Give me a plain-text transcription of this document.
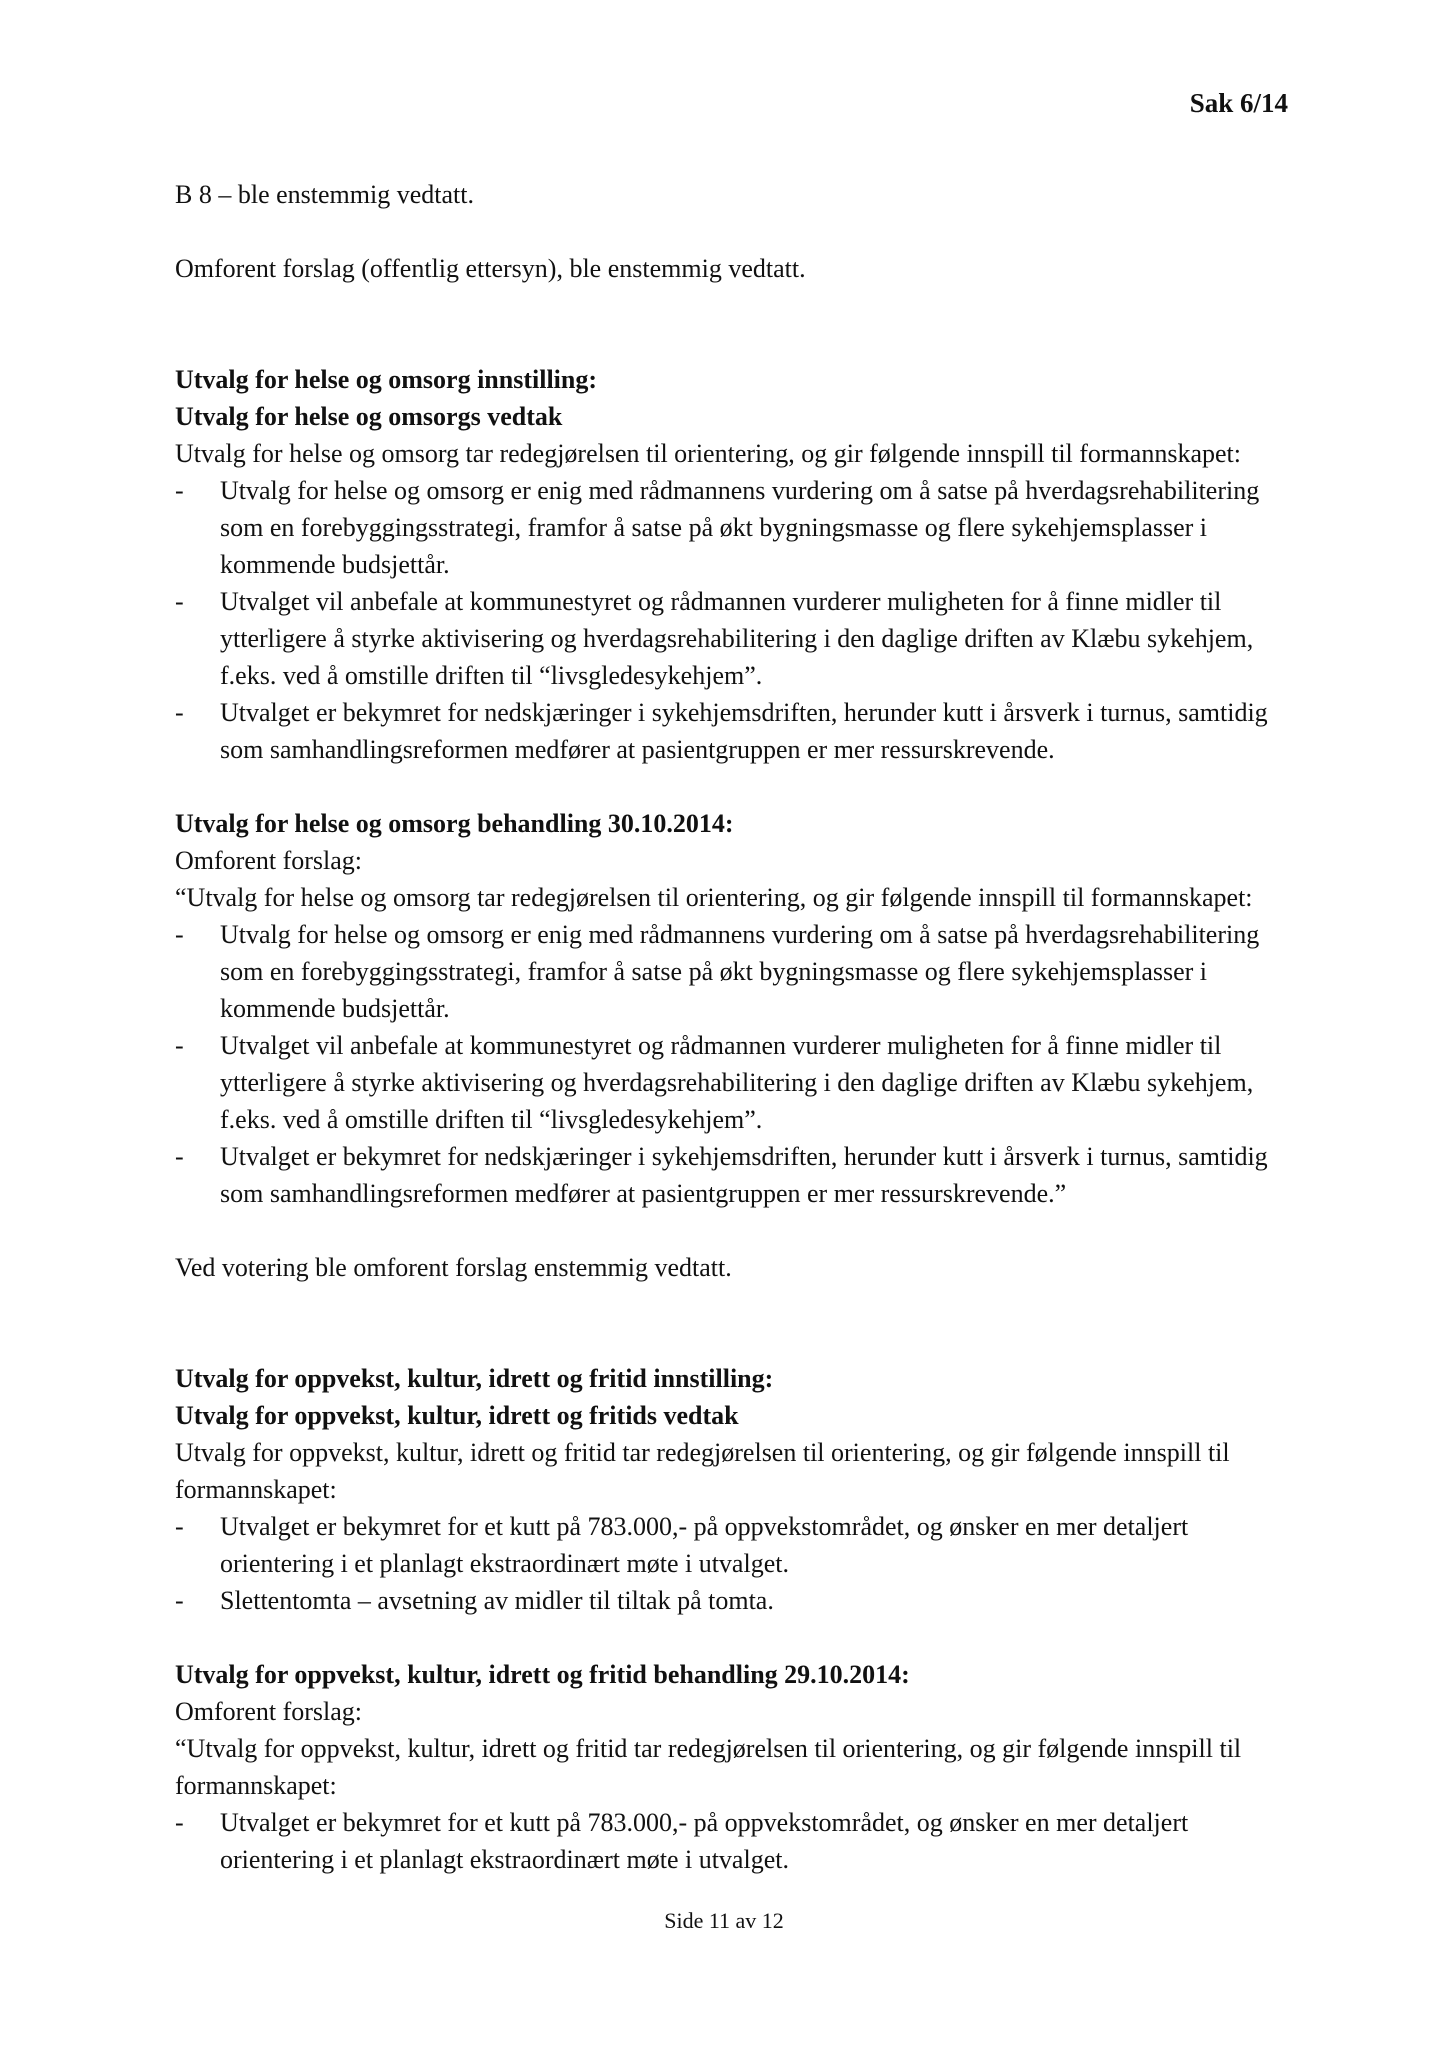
Sak 6/14

B 8 – ble enstemmig vedtatt.

Omforent forslag (offentlig ettersyn), ble enstemmig vedtatt.

Utvalg for helse og omsorg innstilling:

Utvalg for helse og omsorgs vedtak

Utvalg for helse og omsorg tar redegjørelsen til orientering, og gir følgende innspill til formannskapet:

- Utvalg for helse og omsorg er enig med rådmannens vurdering om å satse på hverdagsrehabilitering som en forebyggingsstrategi, framfor å satse på økt bygningsmasse og flere sykehjemsplasser i kommende budsjettår.

- Utvalget vil anbefale at kommunestyret og rådmannen vurderer muligheten for å finne midler til ytterligere å styrke aktivisering og hverdagsrehabilitering i den daglige driften av Klæbu sykehjem, f.eks. ved å omstille driften til “livsgledesykehjem”.

- Utvalget er bekymret for nedskjæringer i sykehjemsdriften, herunder kutt i årsverk i turnus, samtidig som samhandlingsreformen medfører at pasientgruppen er mer ressurskrevende.

Utvalg for helse og omsorg behandling 30.10.2014:

Omforent forslag:

“Utvalg for helse og omsorg tar redegjørelsen til orientering, og gir følgende innspill til formannskapet:

- Utvalg for helse og omsorg er enig med rådmannens vurdering om å satse på hverdagsrehabilitering som en forebyggingsstrategi, framfor å satse på økt bygningsmasse og flere sykehjemsplasser i kommende budsjettår.

- Utvalget vil anbefale at kommunestyret og rådmannen vurderer muligheten for å finne midler til ytterligere å styrke aktivisering og hverdagsrehabilitering i den daglige driften av Klæbu sykehjem, f.eks. ved å omstille driften til “livsgledesykehjem”.

- Utvalget er bekymret for nedskjæringer i sykehjemsdriften, herunder kutt i årsverk i turnus, samtidig som samhandlingsreformen medfører at pasientgruppen er mer ressurskrevende.”

Ved votering ble omforent forslag enstemmig vedtatt.

Utvalg for oppvekst, kultur, idrett og fritid innstilling:

Utvalg for oppvekst, kultur, idrett og fritids vedtak

Utvalg for oppvekst, kultur, idrett og fritid tar redegjørelsen til orientering, og gir følgende innspill til formannskapet:

- Utvalget er bekymret for et kutt på 783.000,- på oppvekstområdet, og ønsker en mer detaljert orientering i et planlagt ekstraordinært møte i utvalget.

- Slettentomta – avsetning av midler til tiltak på tomta.

Utvalg for oppvekst, kultur, idrett og fritid behandling 29.10.2014:

Omforent forslag:

“Utvalg for oppvekst, kultur, idrett og fritid tar redegjørelsen til orientering, og gir følgende innspill til formannskapet:

- Utvalget er bekymret for et kutt på 783.000,- på oppvekstområdet, og ønsker en mer detaljert orientering i et planlagt ekstraordinært møte i utvalget.

Side 11 av 12
